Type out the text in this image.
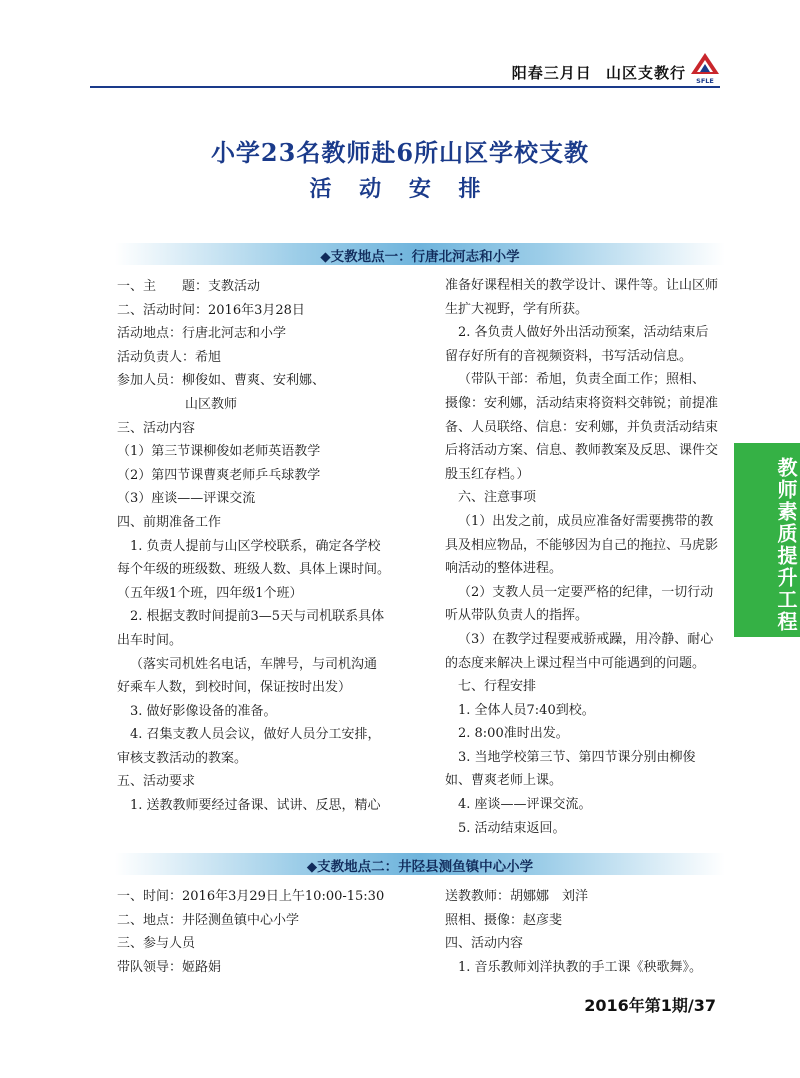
阳春三月日 山区支教行 SFLE
小学23名教师赴6所山区学校支教
活 动 安 排
◆支教地点一：行唐北河志和小学
一、主　　题：支教活动
二、活动时间：2016年3月28日
活动地点：行唐北河志和小学
活动负责人：希旭
参加人员：柳俊如、曹爽、安利娜、
山区教师
三、活动内容
（1）第三节课柳俊如老师英语教学
（2）第四节课曹爽老师乒乓球教学
（3）座谈——评课交流
四、前期准备工作
1. 负责人提前与山区学校联系，确定各学校
每个年级的班级数、班级人数、具体上课时间。
（五年级1个班，四年级1个班）
2. 根据支教时间提前3—5天与司机联系具体
出车时间。
（落实司机姓名电话，车牌号，与司机沟通
好乘车人数，到校时间，保证按时出发）
3. 做好影像设备的准备。
4. 召集支教人员会议，做好人员分工安排，
审核支教活动的教案。
五、活动要求
1. 送教教师要经过备课、试讲、反思，精心
准备好课程相关的教学设计、课件等。让山区师
生扩大视野，学有所获。
2. 各负责人做好外出活动预案，活动结束后
留存好所有的音视频资料，书写活动信息。
（带队干部：希旭，负责全面工作；照相、
摄像：安利娜，活动结束将资料交韩锐；前提准
备、人员联络、信息：安利娜，并负责活动结束
后将活动方案、信息、教师教案及反思、课件交
殷玉红存档。）
六、注意事项
（1）出发之前，成员应准备好需要携带的教
具及相应物品，不能够因为自己的拖拉、马虎影
响活动的整体进程。
（2）支教人员一定要严格的纪律，一切行动
听从带队负责人的指挥。
（3）在教学过程要戒骄戒躁，用冷静、耐心
的态度来解决上课过程当中可能遇到的问题。
七、行程安排
1. 全体人员7:40到校。
2. 8:00准时出发。
3. 当地学校第三节、第四节课分别由柳俊
如、曹爽老师上课。
4. 座谈——评课交流。
5. 活动结束返回。
◆支教地点二：井陉县测鱼镇中心小学
一、时间：2016年3月29日上午10:00-15:30
二、地点：井陉测鱼镇中心小学
三、参与人员
带队领导：姬路娟
送教教师：胡娜娜　刘洋
照相、摄像：赵彦斐
四、活动内容
1. 音乐教师刘洋执教的手工课《秧歌舞》。
教师素质提升工程
2016年第1期/37
